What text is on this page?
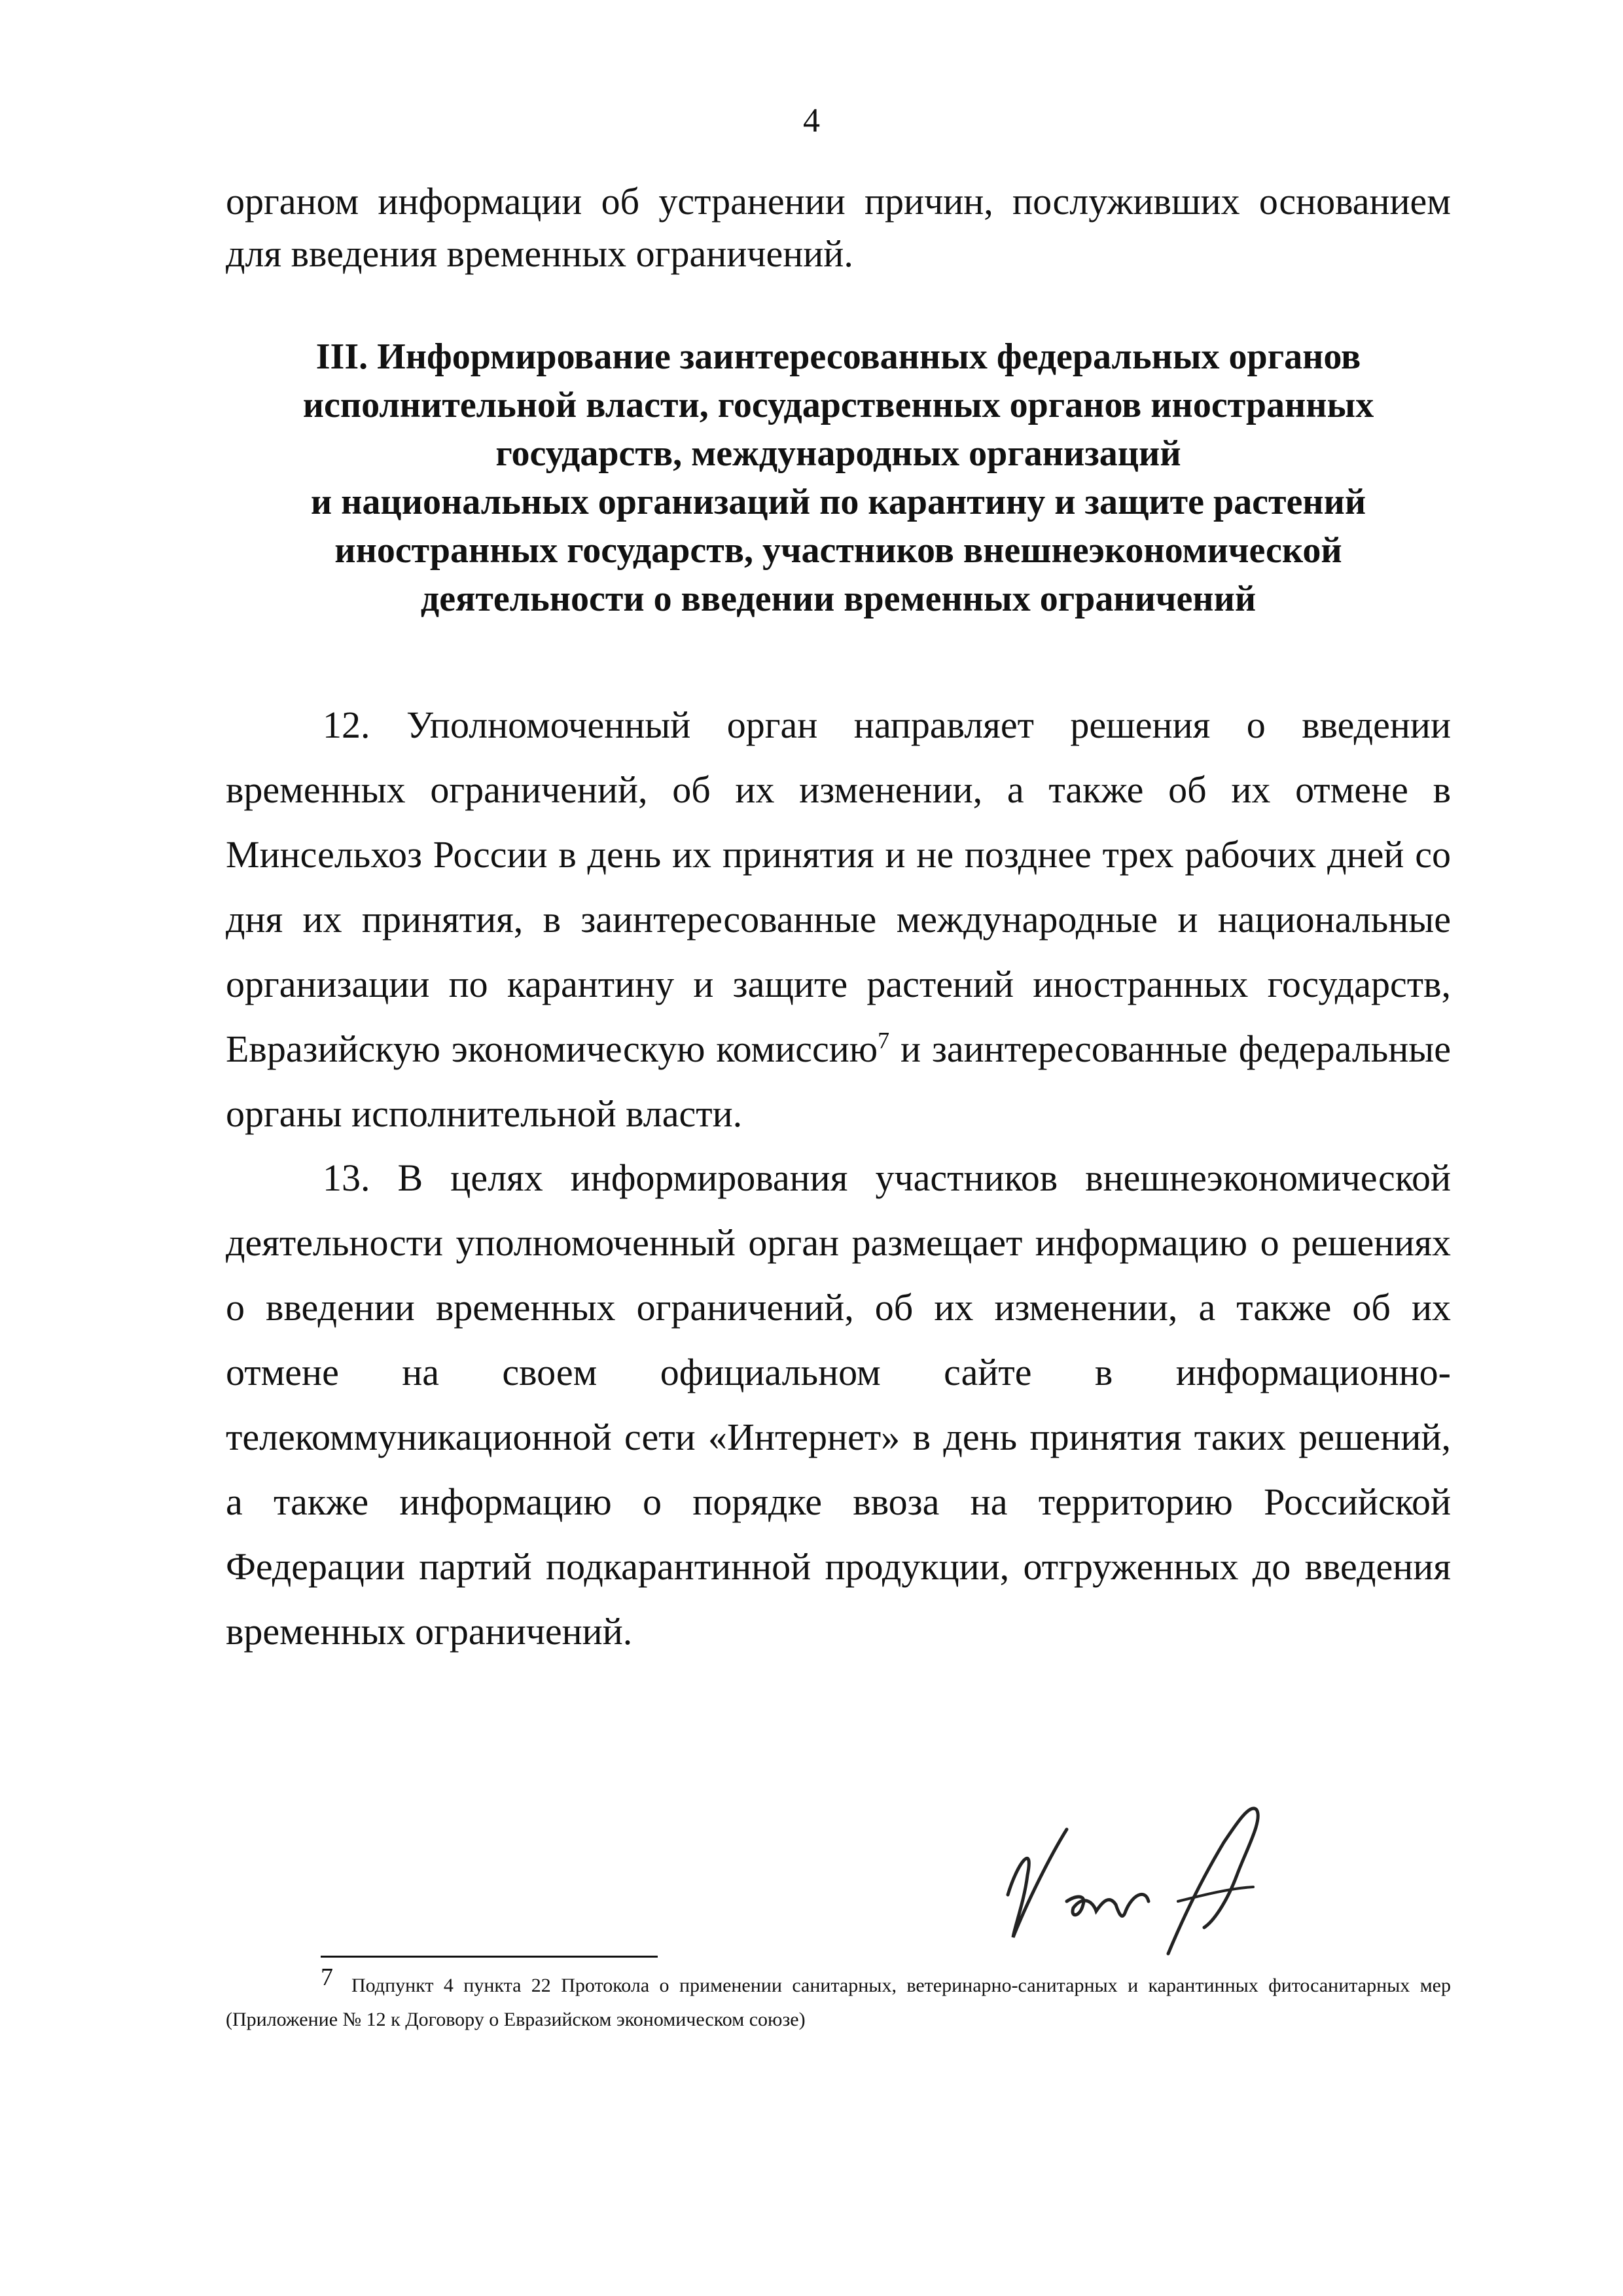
4
органом информации об устранении причин, послуживших основанием для введения временных ограничений.
III. Информирование заинтересованных федеральных органов
исполнительной власти, государственных органов иностранных
государств, международных организаций
и национальных организаций по карантину и защите растений
иностранных государств, участников внешнеэкономической
деятельности о введении временных ограничений
12. Уполномоченный орган направляет решения о введении временных ограничений, об их изменении, а также об их отмене в Минсельхоз России в день их принятия и не позднее трех рабочих дней со дня их принятия, в заинтересованные международные и национальные организации по карантину и защите растений иностранных государств, Евразийскую экономическую комиссию$^7$ и заинтересованные федеральные органы исполнительной власти.
13. В целях информирования участников внешнеэкономической деятельности уполномоченный орган размещает информацию о решениях о введении временных ограничений, об их изменении, а также об их отмене на своем официальном сайте в информационно-телекоммуникационной сети «Интернет» в день принятия таких решений, а также информацию о порядке ввоза на территорию Российской Федерации партий подкарантинной продукции, отгруженных до введения временных ограничений.
7 Подпункт 4 пункта 22 Протокола о применении санитарных, ветеринарно-санитарных и карантинных фитосанитарных мер (Приложение № 12 к Договору о Евразийском экономическом союзе)
